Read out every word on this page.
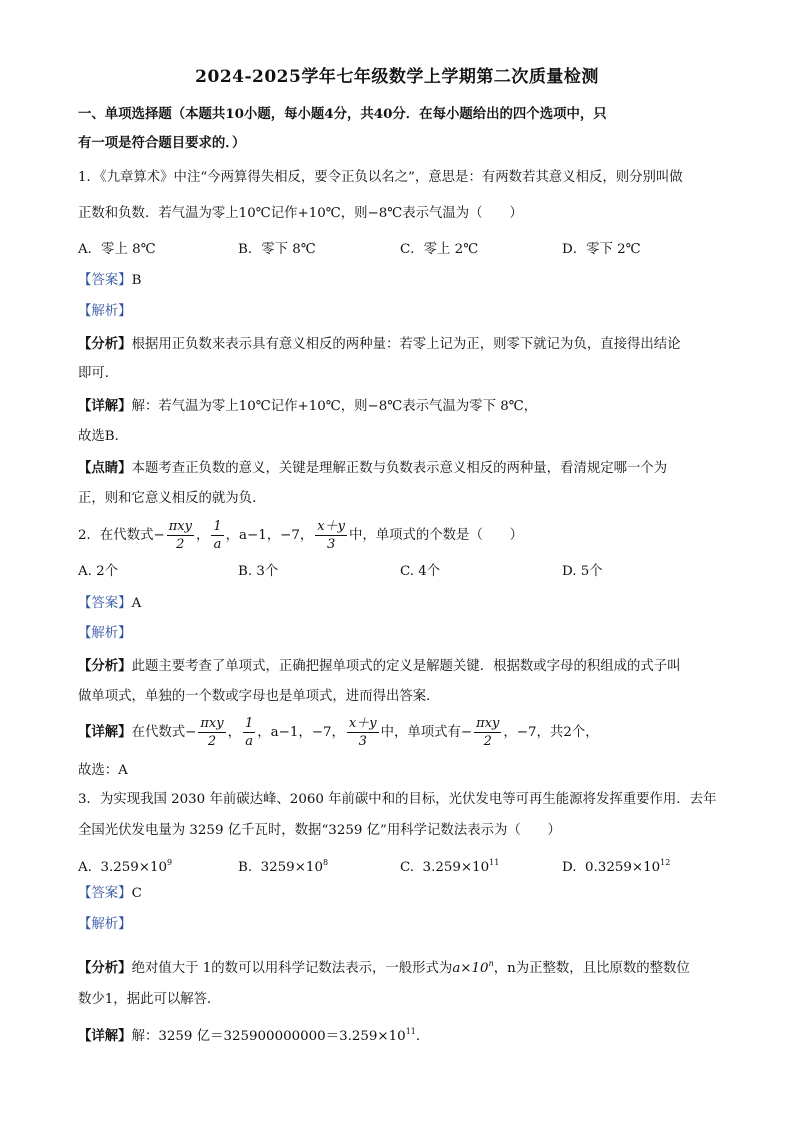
2024-2025学年七年级数学上学期第二次质量检测
一、单项选择题（本题共10小题，每小题4分，共40分．在每小题给出的四个选项中，只
有一项是符合题目要求的．）
1．《九章算术》中注“今两算得失相反，要令正负以名之”，意思是：有两数若其意义相反，则分别叫做
正数和负数．若气温为零上10℃记作+10℃，则−8℃表示气温为（　　）
A．零上 8℃	B．零下 8℃	C．零上 2℃	D．零下 2℃
【答案】B
【解析】
【分析】根据用正负数来表示具有意义相反的两种量：若零上记为正，则零下就记为负，直接得出结论
即可．
【详解】解：若气温为零上10℃记作+10℃，则−8℃表示气温为零下 8℃，
故选B．
【点睛】本题考查正负数的意义，关键是理解正数与负数表示意义相反的两种量，看清规定哪一个为
正，则和它意义相反的就为负．
2．在代数式− $\frac{\text{πxy}}{2}$ ， $\frac{1}{a}$ ，a−1，−7， $\frac{x+y}{3}$ 中，单项式的个数是（　　）
A. 2个	B. 3个	C. 4个	D. 5个
【答案】A
【解析】
【分析】此题主要考查了单项式，正确把握单项式的定义是解题关键．根据数或字母的积组成的式子叫
做单项式，单独的一个数或字母也是单项式，进而得出答案．
【详解】在代数式− $\frac{\text{πxy}}{2}$ ， $\frac{1}{a}$ ，a−1，−7， $\frac{x+y}{3}$ 中，单项式有− $\frac{\text{πxy}}{2}$ ，−7，共2个，
故选：A
3．为实现我国 2030 年前碳达峰、2060 年前碳中和的目标，光伏发电等可再生能源将发挥重要作用．去年
全国光伏发电量为 3259 亿千瓦时，数据“3259 亿”用科学记数法表示为（　　）
A. $3.259\times 10^9$	B. $3259\times 10^8$	C. $3.259\times 10^{11}$	D. $0.3259\times 10^{12}$
【答案】C
【解析】
【分析】绝对值大于 1的数可以用科学记数法表示，一般形式为$a\times 10^n$，n为正整数，且比原数的整数位
数少1，据此可以解答．
【详解】解：3259 亿$=325900000000=3.259\times 10^{11}$．
